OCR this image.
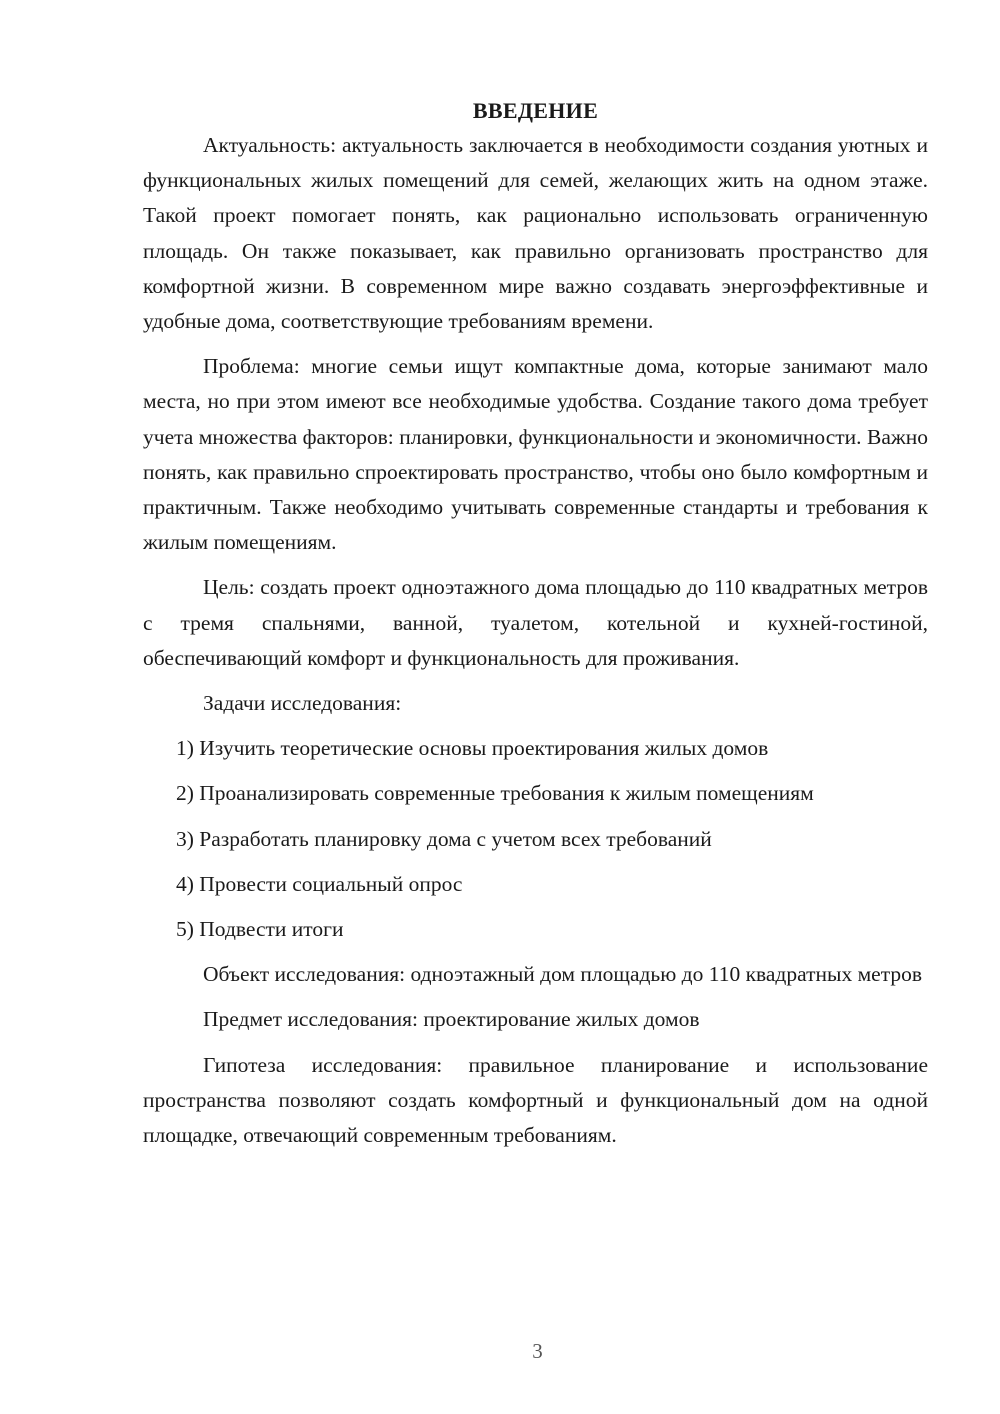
ВВЕДЕНИЕ

Актуальность: актуальность заключается в необходимости создания уютных и функциональных жилых помещений для семей, желающих жить на одном этаже. Такой проект помогает понять, как рационально использовать ограниченную площадь. Он также показывает, как правильно организовать пространство для комфортной жизни. В современном мире важно создавать энергоэффективные и удобные дома, соответствующие требованиям времени.

Проблема: многие семьи ищут компактные дома, которые занимают мало места, но при этом имеют все необходимые удобства. Создание такого дома требует учета множества факторов: планировки, функциональности и экономичности. Важно понять, как правильно спроектировать пространство, чтобы оно было комфортным и практичным. Также необходимо учитывать современные стандарты и требования к жилым помещениям.

Цель: создать проект одноэтажного дома площадью до 110 квадратных метров с тремя спальнями, ванной, туалетом, котельной и кухней-гостиной, обеспечивающий комфорт и функциональность для проживания.

Задачи исследования:

1) Изучить теоретические основы проектирования жилых домов

2) Проанализировать современные требования к жилым помещениям

3) Разработать планировку дома с учетом всех требований

4) Провести социальный опрос

5) Подвести итоги

Объект исследования: одноэтажный дом площадью до 110 квадратных метров

Предмет исследования: проектирование жилых домов

Гипотеза исследования: правильное планирование и использование пространства позволяют создать комфортный и функциональный дом на одной площадке, отвечающий современным требованиям.

3
